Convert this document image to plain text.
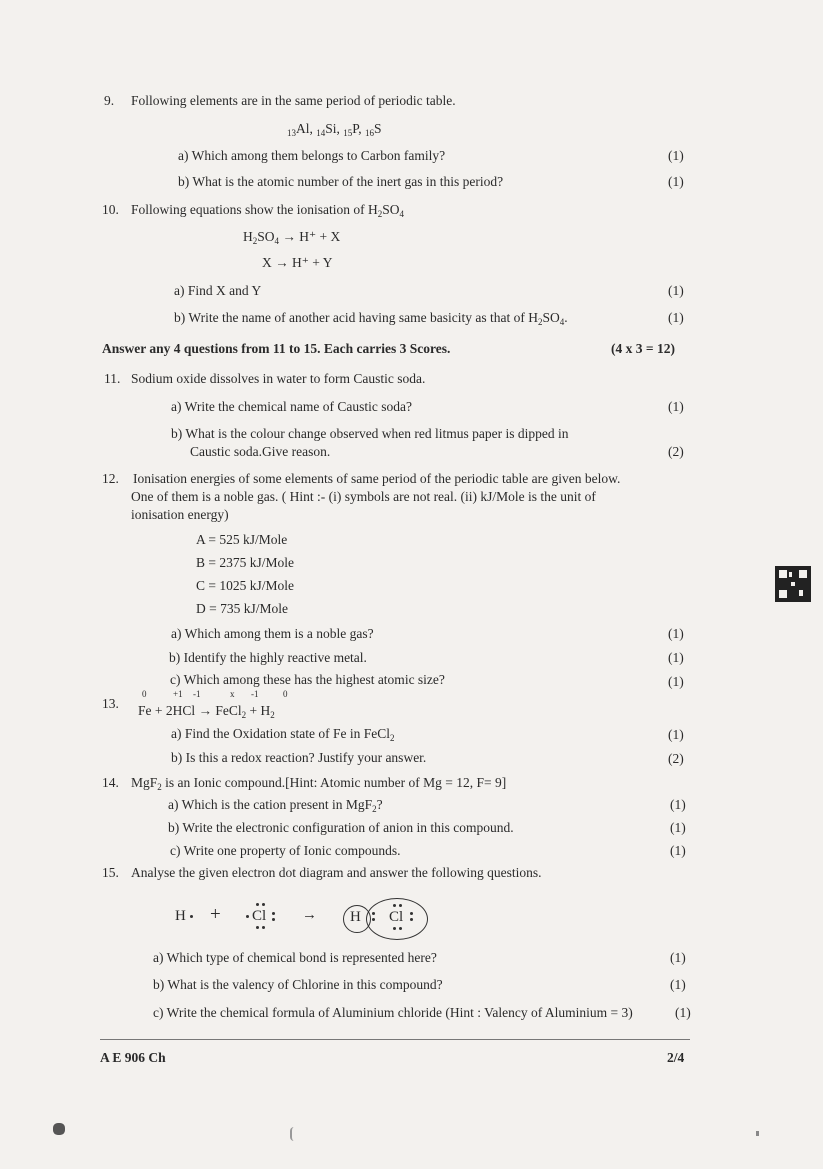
9. Following elements are in the same period of periodic table.
$_{13}$Al, $_{14}$Si, $_{15}$P, $_{16}$S
a) Which among them belongs to Carbon family?	(1)
b) What is the atomic number of the inert gas in this period?	(1)
10. Following equations show the ionisation of $H_2SO_4$
$H_2SO_4 \to H^+ + X$
X → H⁺ + Y
a) Find X and Y	(1)
b) Write the name of another acid having same basicity as that of $H_2SO_4$.	(1)
Answer any 4 questions from 11 to 15. Each carries 3 Scores.	(4 x 3 = 12)
11. Sodium oxide dissolves in water to form Caustic soda.
a) Write the chemical name of Caustic soda?	(1)
b) What is the colour change observed when red litmus paper is dipped in
Caustic soda.Give reason.	(2)
12. Ionisation energies of some elements of same period of the periodic table are given below.
One of them is a noble gas. ( Hint :- (i) symbols are not real. (ii) kJ/Mole is the unit of
ionisation energy)
A = 525 kJ/Mole
B = 2375 kJ/Mole
C = 1025 kJ/Mole
D = 735 kJ/Mole
a) Which among them is a noble gas?	(1)
b) Identify the highly reactive metal.	(1)
c) Which among these has the highest atomic size?	(1)
13.
0	+1 -1	x -1	0
Fe + 2HCl → FeCl$_2$ + $H_2$
a) Find the Oxidation state of Fe in FeCl$_2$	(1)
b) Is this a redox reaction? Justify your answer.	(2)
14. MgF$_2$ is an Ionic compound.[Hint: Atomic number of Mg = 12, F= 9]
a) Which is the cation present in MgF$_2$?	(1)
b) Write the electronic configuration of anion in this compound.	(1)
c) Write one property of Ionic compounds.	(1)
15. Analyse the given electron dot diagram and answer the following questions.
H + Cl → H Cl
a) Which type of chemical bond is represented here?	(1)
b) What is the valency of Chlorine in this compound?	(1)
c) Write the chemical formula of Aluminium chloride (Hint : Valency of Aluminium = 3)	(1)
A E 906 Ch	2/4
